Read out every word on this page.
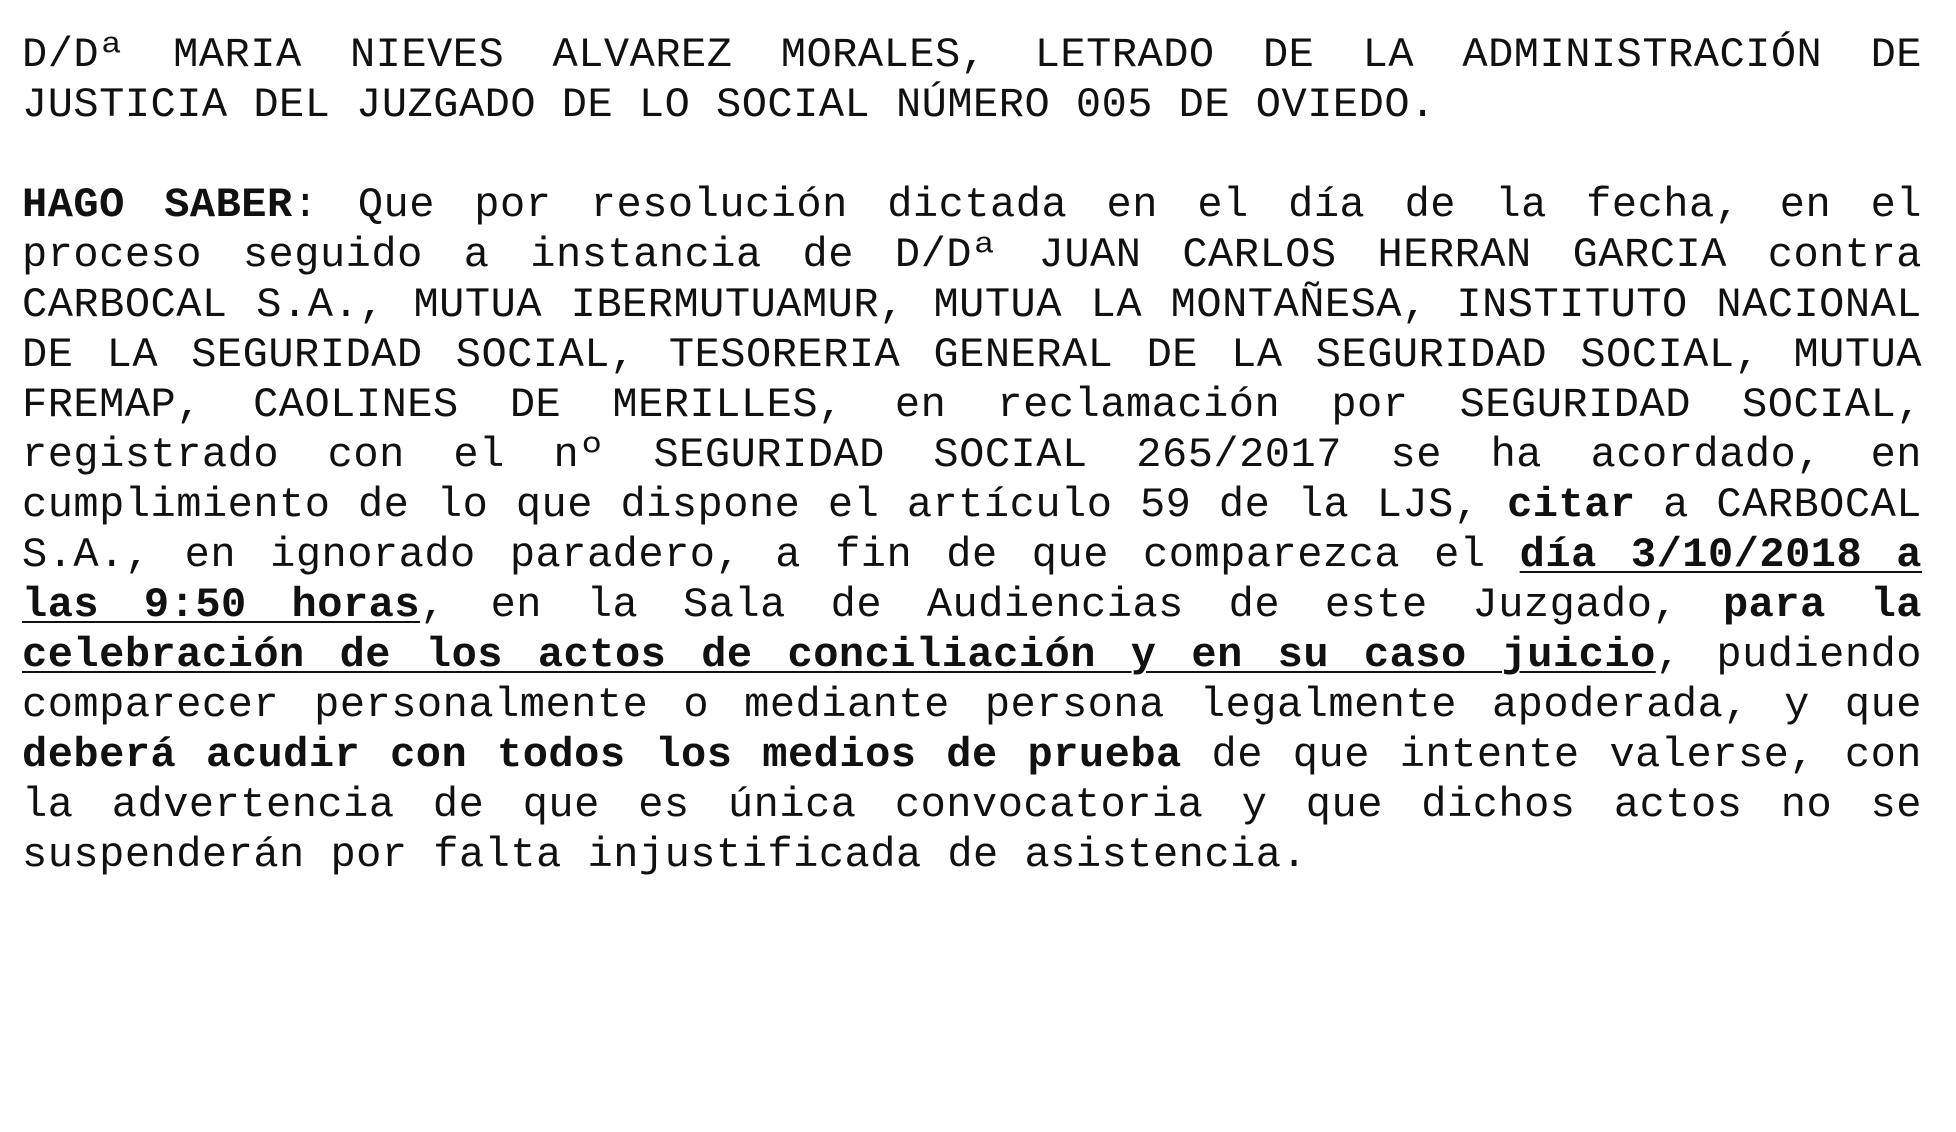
D/Dª MARIA NIEVES ALVAREZ MORALES, LETRADO DE LA ADMINISTRACIÓN DE JUSTICIA DEL JUZGADO DE LO SOCIAL NÚMERO 005 DE OVIEDO.

HAGO SABER: Que por resolución dictada en el día de la fecha, en el proceso seguido a instancia de D/Dª JUAN CARLOS HERRAN GARCIA contra CARBOCAL S.A., MUTUA IBERMUTUAMUR, MUTUA LA MONTAÑESA, INSTITUTO NACIONAL DE LA SEGURIDAD SOCIAL, TESORERIA GENERAL DE LA SEGURIDAD SOCIAL, MUTUA FREMAP, CAOLINES DE MERILLES, en reclamación por SEGURIDAD SOCIAL, registrado con el nº SEGURIDAD SOCIAL 265/2017 se ha acordado, en cumplimiento de lo que dispone el artículo 59 de la LJS, citar a CARBOCAL S.A., en ignorado paradero, a fin de que comparezca el día 3/10/2018 a las 9:50 horas, en la Sala de Audiencias de este Juzgado, para la celebración de los actos de conciliación y en su caso juicio, pudiendo comparecer personalmente o mediante persona legalmente apoderada, y que deberá acudir con todos los medios de prueba de que intente valerse, con la advertencia de que es única convocatoria y que dichos actos no se suspenderán por falta injustificada de asistencia.
